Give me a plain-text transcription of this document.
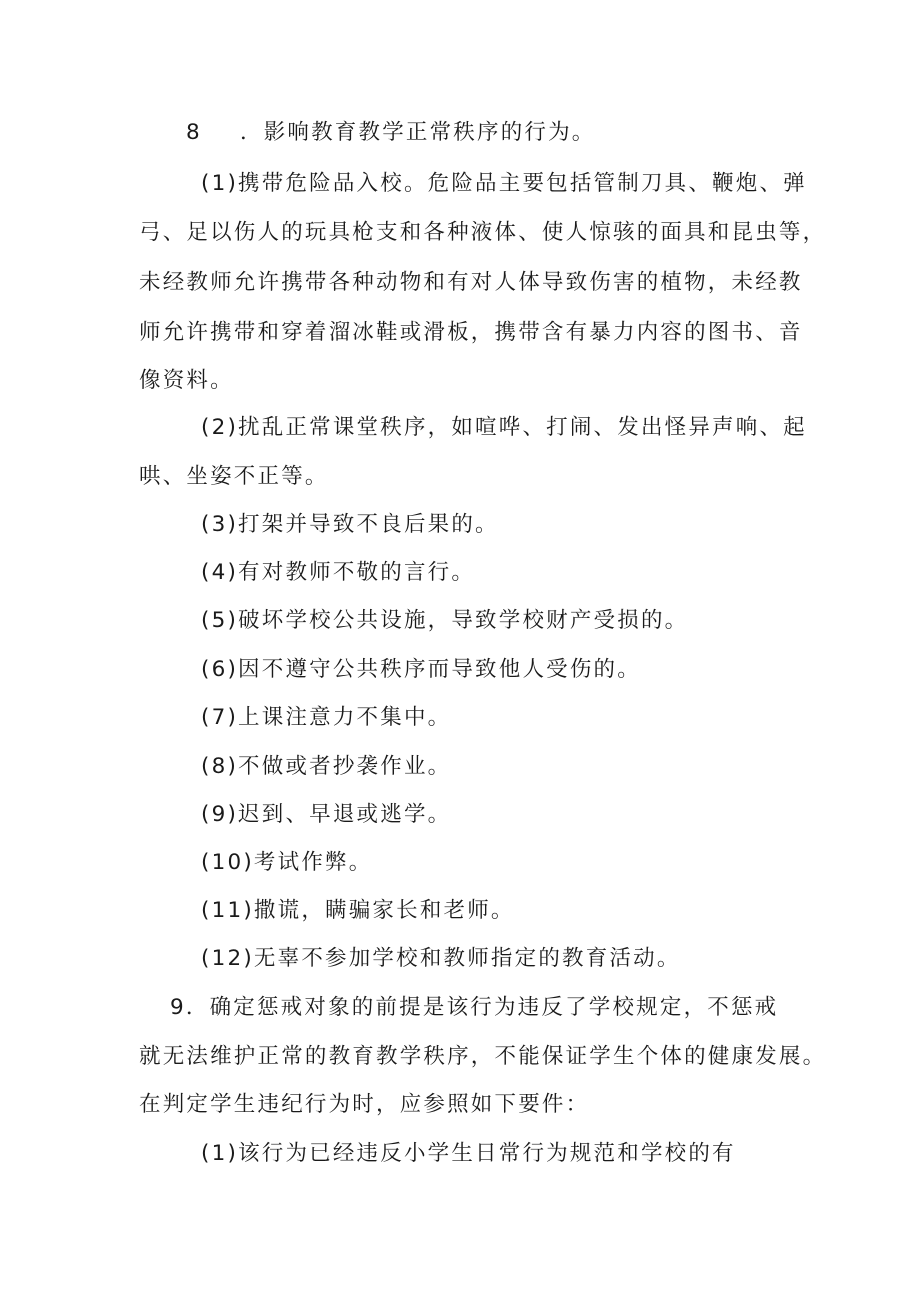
8 ．影响教育教学正常秩序的行为。
(1)携带危险品入校。危险品主要包括管制刀具、鞭炮、弹
弓、足以伤人的玩具枪支和各种液体、使人惊骇的面具和昆虫等，
未经教师允许携带各种动物和有对人体导致伤害的植物，未经教
师允许携带和穿着溜冰鞋或滑板，携带含有暴力内容的图书、音
像资料。
(2)扰乱正常课堂秩序，如喧哗、打闹、发出怪异声响、起
哄、坐姿不正等。
(3)打架并导致不良后果的。
(4)有对教师不敬的言行。
(5)破坏学校公共设施，导致学校财产受损的。
(6)因不遵守公共秩序而导致他人受伤的。
(7)上课注意力不集中。
(8)不做或者抄袭作业。
(9)迟到、早退或逃学。
(10)考试作弊。
(11)撒谎，瞒骗家长和老师。
(12)无辜不参加学校和教师指定的教育活动。
9．确定惩戒对象的前提是该行为违反了学校规定，不惩戒
就无法维护正常的教育教学秩序，不能保证学生个体的健康发展。
在判定学生违纪行为时，应参照如下要件：
(1)该行为已经违反小学生日常行为规范和学校的有
